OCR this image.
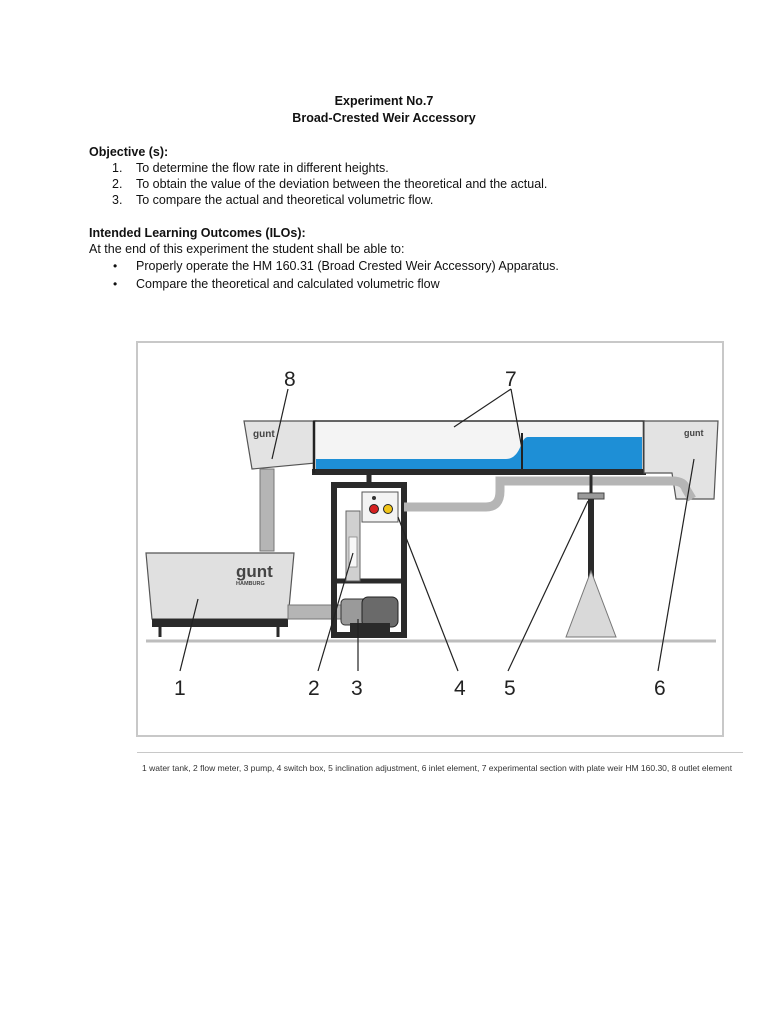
Experiment No.7
Broad-Crested Weir Accessory
Objective (s):
1. To determine the flow rate in different heights.
2. To obtain the value of the deviation between the theoretical and the actual.
3. To compare the actual and theoretical volumetric flow.
Intended Learning Outcomes (ILOs):
At the end of this experiment the student shall be able to:
• Properly operate the HM 160.31 (Broad Crested Weir Accessory) Apparatus.
• Compare the theoretical and calculated volumetric flow
gunt
gunt
HAMBURG
gunt
1	2 3	4 5	6
7
8
1 water tank, 2 flow meter, 3 pump, 4 switch box, 5 inclination adjustment, 6 inlet element, 7 experimental section with plate weir HM 160.30, 8 outlet element
